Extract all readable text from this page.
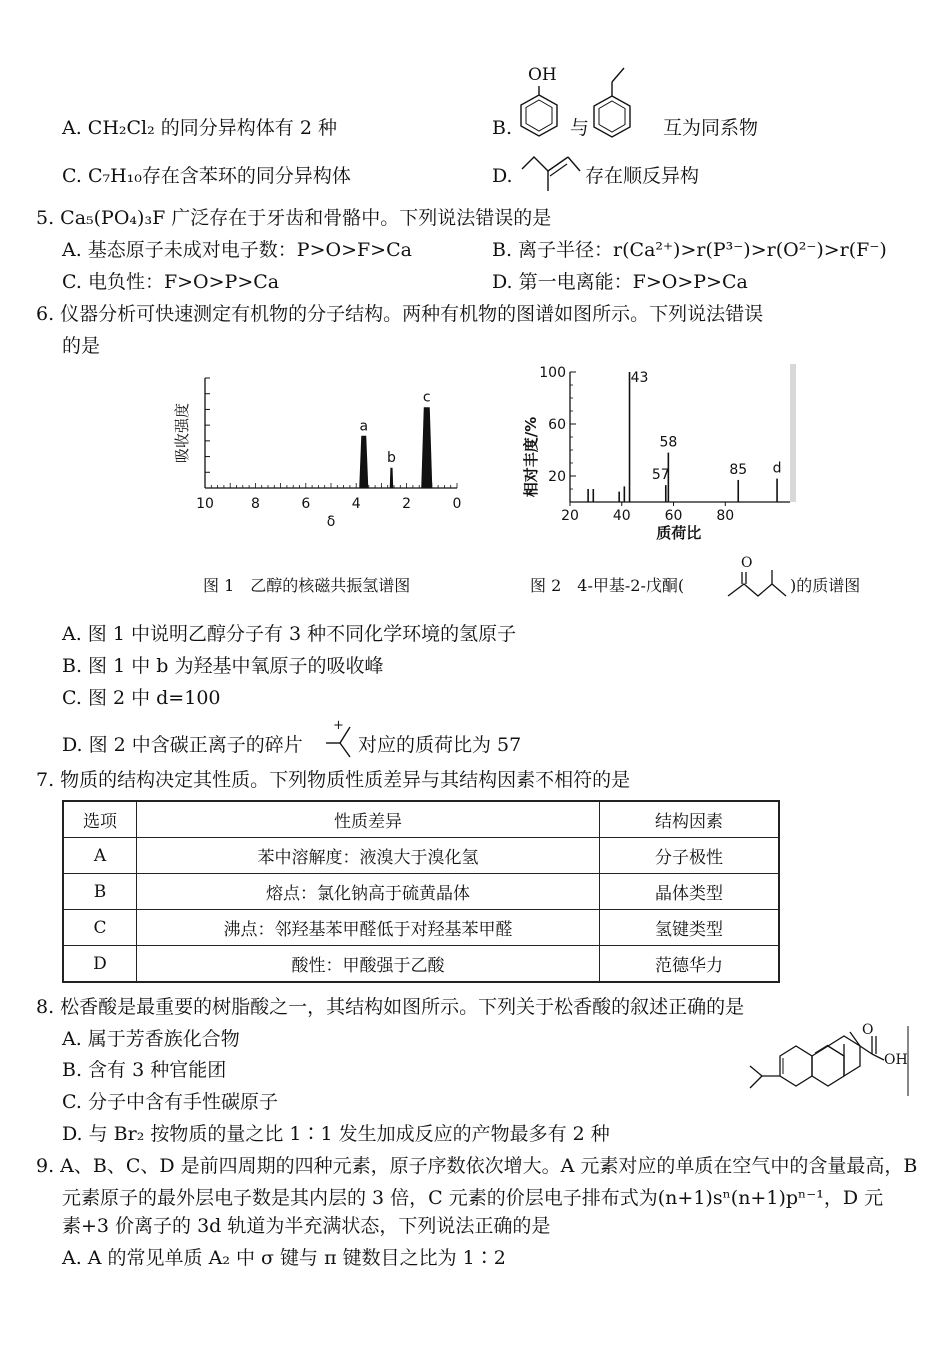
A. CH₂Cl₂ 的同分异构体有 2 种	B.
OH
与	互为同系物
C. C₇H₁₀存在含苯环的同分异构体	D.	存在顺反异构
5. Ca₅(PO₄)₃F 广泛存在于牙齿和骨骼中。下列说法错误的是
A. 基态原子未成对电子数：P>O>F>Ca	B. 离子半径：r(Ca²⁺)>r(P³⁻)>r(O²⁻)>r(F⁻)
C. 电负性：F>O>P>Ca	D. 第一电离能：F>O>P>Ca
6. 仪器分析可快速测定有机物的分子结构。两种有机物的图谱如图所示。下列说法错误
的是
10	8	6	4	2	0
δ
吸收强度	a
b
c
20
60
100
20 40 60 80
质荷比
相对丰度/%
43
57
58
85 d
图 1　乙醇的核磁共振氢谱图	图 2　4-甲基-2-戊酮(
O
)的质谱图
A. 图 1 中说明乙醇分子有 3 种不同化学环境的氢原子
B. 图 1 中 b 为羟基中氧原子的吸收峰
C. 图 2 中 d=100
D. 图 2 中含碳正离子的碎片
+
对应的质荷比为 57
7. 物质的结构决定其性质。下列物质性质差异与其结构因素不相符的是
选项	性质差异	结构因素
A	苯中溶解度：液溴大于溴化氢	分子极性
B	熔点：氯化钠高于硫黄晶体	晶体类型
C	沸点：邻羟基苯甲醛低于对羟基苯甲醛	氢键类型
D	酸性：甲酸强于乙酸	范德华力
8. 松香酸是最重要的树脂酸之一，其结构如图所示。下列关于松香酸的叙述正确的是
A. 属于芳香族化合物
B. 含有 3 种官能团
C. 分子中含有手性碳原子
D. 与 Br₂ 按物质的量之比 1∶1 发生加成反应的产物最多有 2 种
O
OH
9. A、B、C、D 是前四周期的四种元素，原子序数依次增大。A 元素对应的单质在空气中的含量最高，B
元素原子的最外层电子数是其内层的 3 倍，C 元素的价层电子排布式为(n+1)sⁿ(n+1)pⁿ⁻¹，D 元
素+3 价离子的 3d 轨道为半充满状态，下列说法正确的是
A. A 的常见单质 A₂ 中 σ 键与 π 键数目之比为 1∶2
